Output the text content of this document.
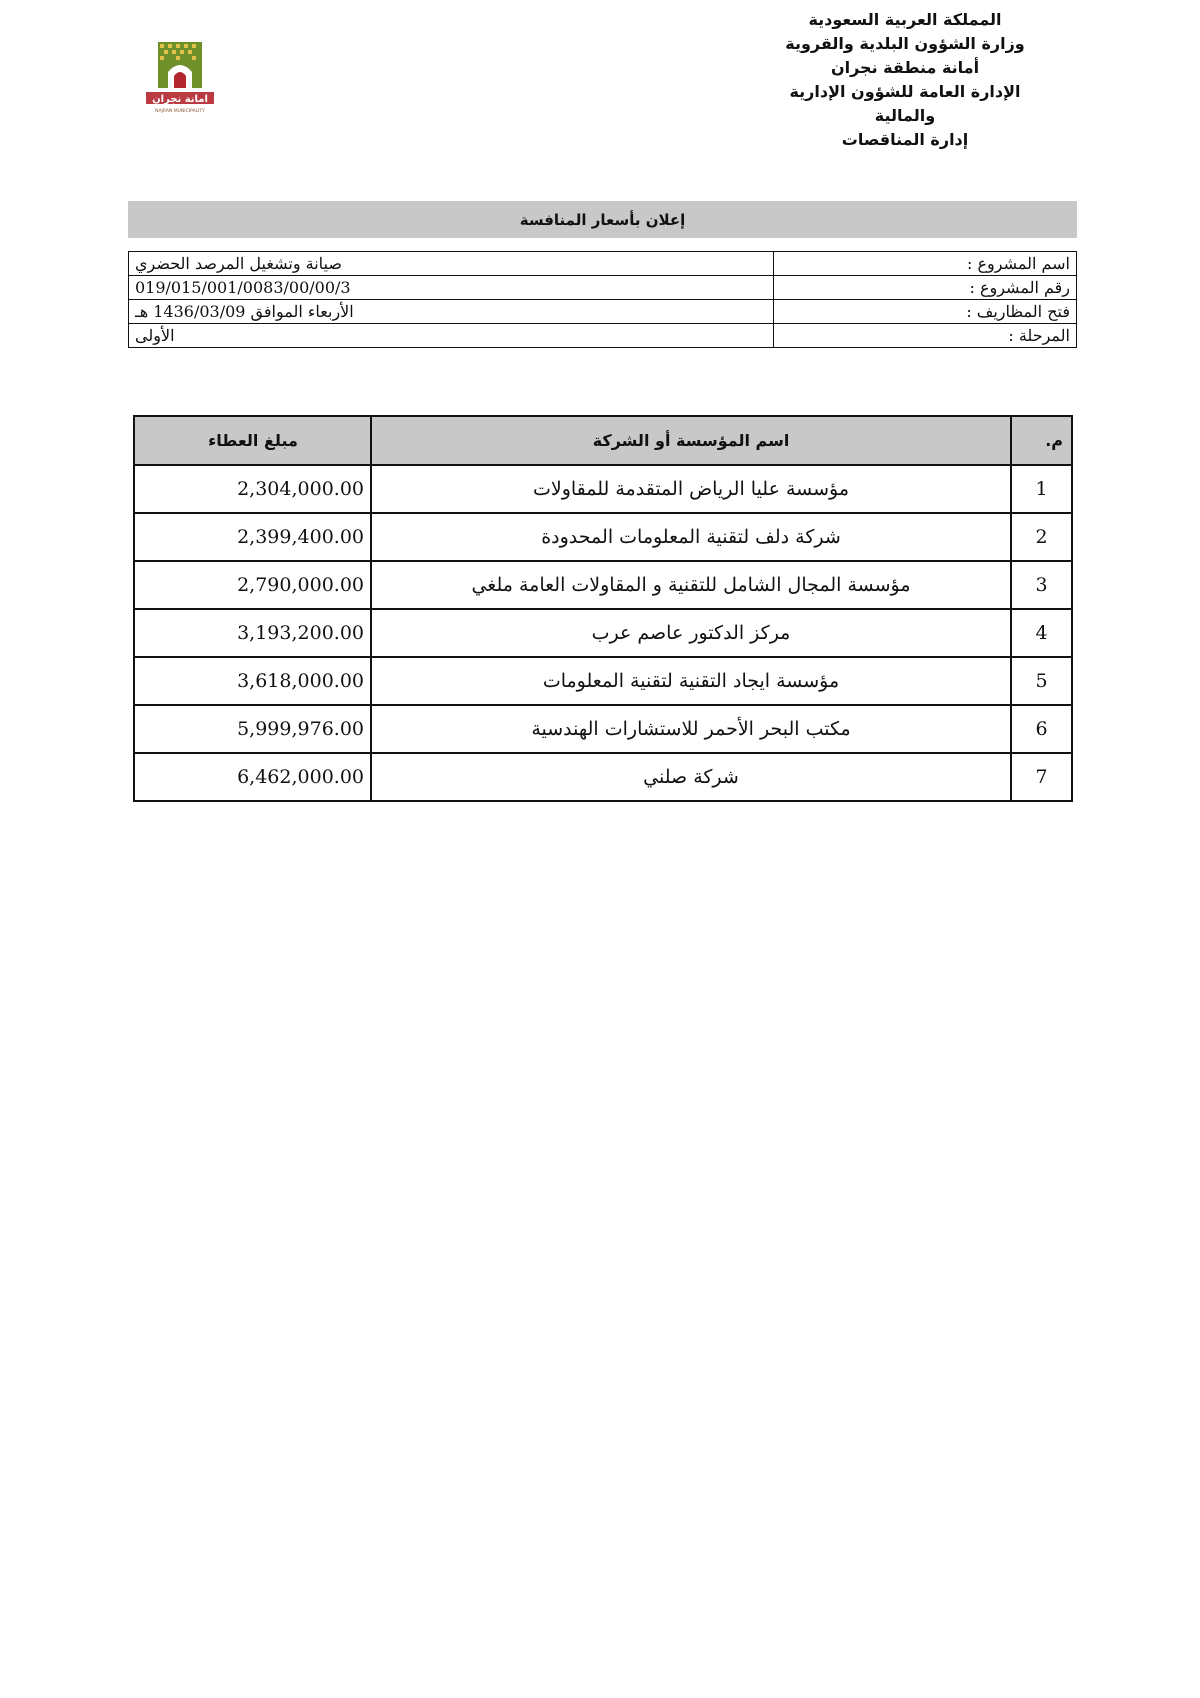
المملكة العربية السعودية
وزارة الشؤون البلدية والقروية
أمانة منطقة نجران
الإدارة العامة للشؤون الإدارية
والمالية
إدارة المناقصات
امانة نجران
NAJRAN MUNICIPALITY
إعلان بأسعار المنافسة
اسم المشروع :	صيانة وتشغيل المرصد الحضري
رقم المشروع :	019/015/001/0083/00/00/3
فتح المظاريف :	الأربعاء الموافق 1436/03/09 هـ
المرحلة :	الأولى
م.	اسم المؤسسة أو الشركة	مبلغ العطاء
1	مؤسسة عليا الرياض المتقدمة للمقاولات	2,304,000.00
2	شركة دلف لتقنية المعلومات المحدودة	2,399,400.00
3	مؤسسة المجال الشامل للتقنية و المقاولات العامة ملغي	2,790,000.00
4	مركز الدكتور عاصم عرب	3,193,200.00
5	مؤسسة ايجاد التقنية لتقنية المعلومات	3,618,000.00
6	مكتب البحر الأحمر للاستشارات الهندسية	5,999,976.00
7	شركة صلني	6,462,000.00
